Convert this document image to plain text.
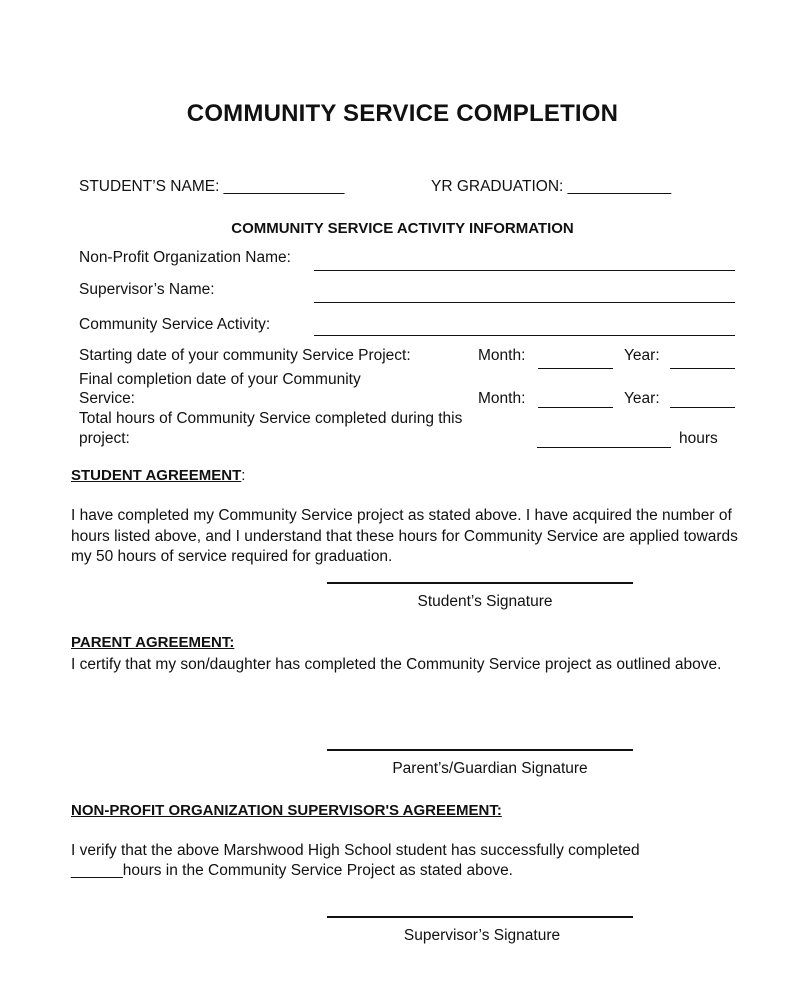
COMMUNITY SERVICE COMPLETION
STUDENT’S NAME: ______________	YR GRADUATION: ____________
COMMUNITY SERVICE ACTIVITY INFORMATION
Non-Profit Organization Name:
Supervisor’s Name:
Community Service Activity:
Starting date of your community Service Project:	Month:	Year:
Final completion date of your Community
Service:	Month:	Year:
Total hours of Community Service completed during this
project:	hours
STUDENT AGREEMENT:
I have completed my Community Service project as stated above. I have acquired the number of hours listed above, and I understand that these hours for Community Service are applied towards my 50 hours of service required for graduation.
Student’s Signature
PARENT AGREEMENT:
I certify that my son/daughter has completed the Community Service project as outlined above.
Parent’s/Guardian Signature
NON-PROFIT ORGANIZATION SUPERVISOR'S AGREEMENT:
I verify that the above Marshwood High School student has successfully completed
______hours in the Community Service Project as stated above.
Supervisor’s Signature
